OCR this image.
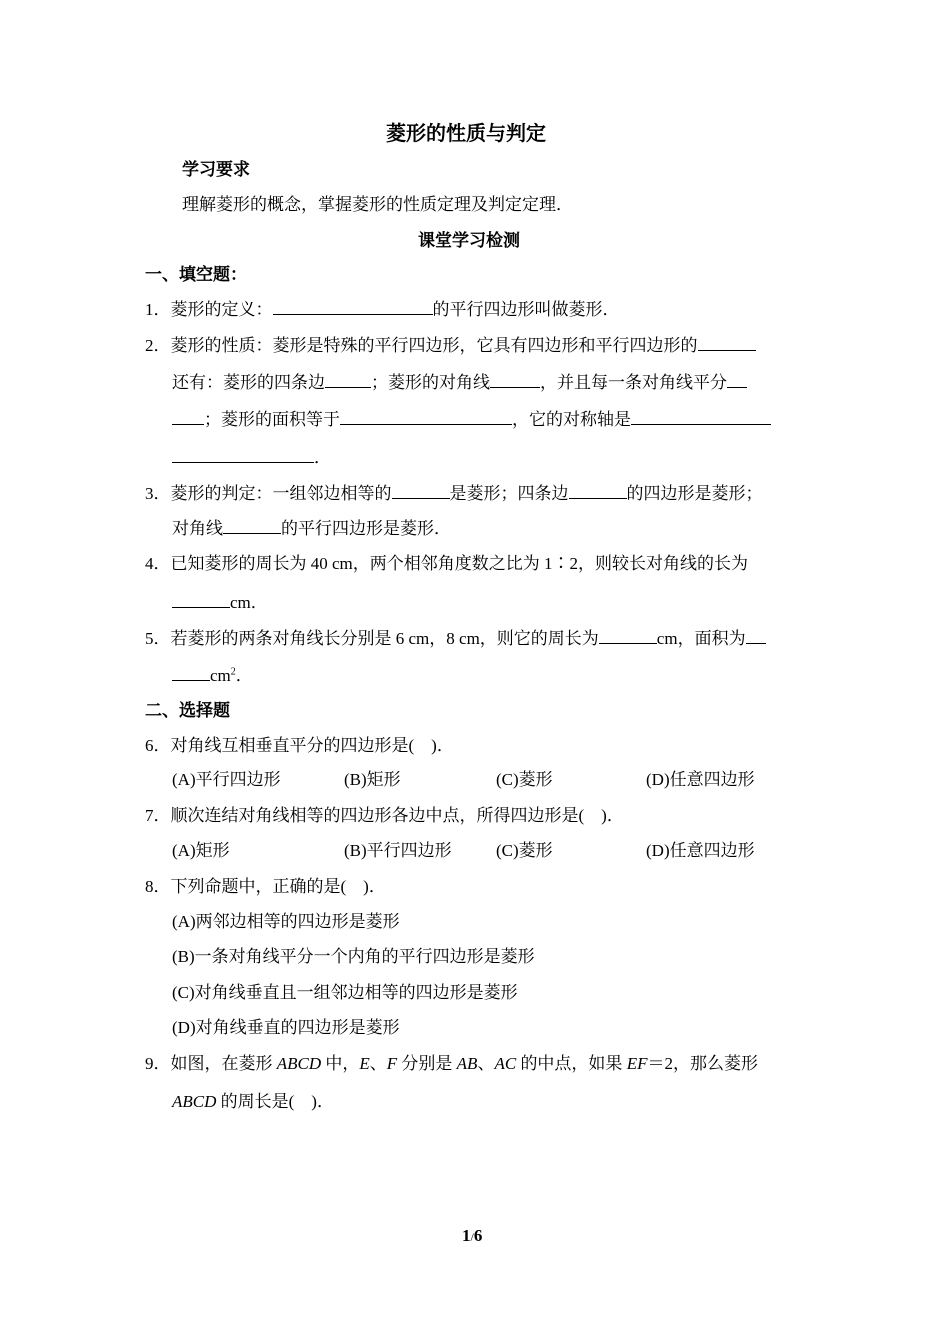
菱形的性质与判定
学习要求
理解菱形的概念，掌握菱形的性质定理及判定定理．
课堂学习检测
一、填空题：
1．菱形的定义：	的平行四边形叫做菱形．
2．菱形的性质：菱形是特殊的平行四边形，它具有四边形和平行四边形的
还有：菱形的四条边	；菱形的对角线	，并且每一条对角线平分
；菱形的面积等于	，它的对称轴是
．
3．菱形的判定：一组邻边相等的	是菱形；四条边	的四边形是菱形；
对角线	的平行四边形是菱形．
4．已知菱形的周长为 40 cm，两个相邻角度数之比为 1∶2，则较长对角线的长为
cm．
5．若菱形的两条对角线长分别是 6 cm，8 cm，则它的周长为	cm，面积为
$cm^2$．
二、选择题
6．对角线互相垂直平分的四边形是(　)．
(A)平行四边形	(B)矩形	(C)菱形	(D)任意四边形
7．顺次连结对角线相等的四边形各边中点，所得四边形是(　)．
(A)矩形	(B)平行四边形	(C)菱形	(D)任意四边形
8．下列命题中，正确的是(　)．
(A)两邻边相等的四边形是菱形
(B)一条对角线平分一个内角的平行四边形是菱形
(C)对角线垂直且一组邻边相等的四边形是菱形
(D)对角线垂直的四边形是菱形
9．如图，在菱形 ABCD 中，E、F 分别是 AB、AC 的中点，如果 EF＝2，那么菱形
ABCD 的周长是(　)．
1/6
